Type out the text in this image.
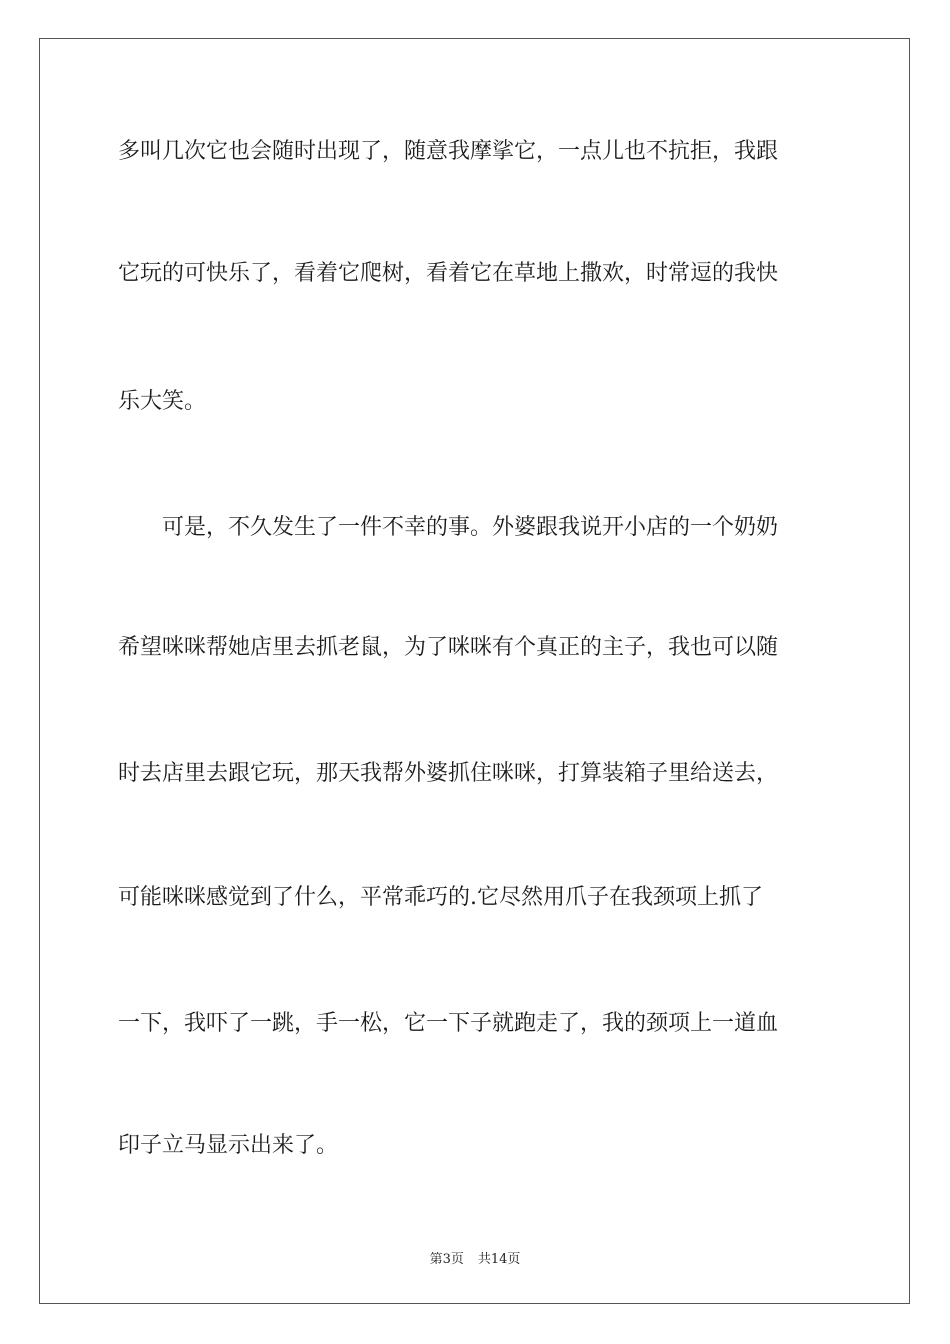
多叫几次它也会随时出现了，随意我摩挲它，一点儿也不抗拒，我跟
它玩的可快乐了，看着它爬树，看着它在草地上撒欢，时常逗的我快
乐大笑。
　　可是，不久发生了一件不幸的事。外婆跟我说开小店的一个奶奶
希望咪咪帮她店里去抓老鼠，为了咪咪有个真正的主子，我也可以随
时去店里去跟它玩，那天我帮外婆抓住咪咪，打算装箱子里给送去，
可能咪咪感觉到了什么，平常乖巧的.它尽然用爪子在我颈项上抓了
一下，我吓了一跳，手一松，它一下子就跑走了，我的颈项上一道血
印子立马显示出来了。
第3页 共14页
